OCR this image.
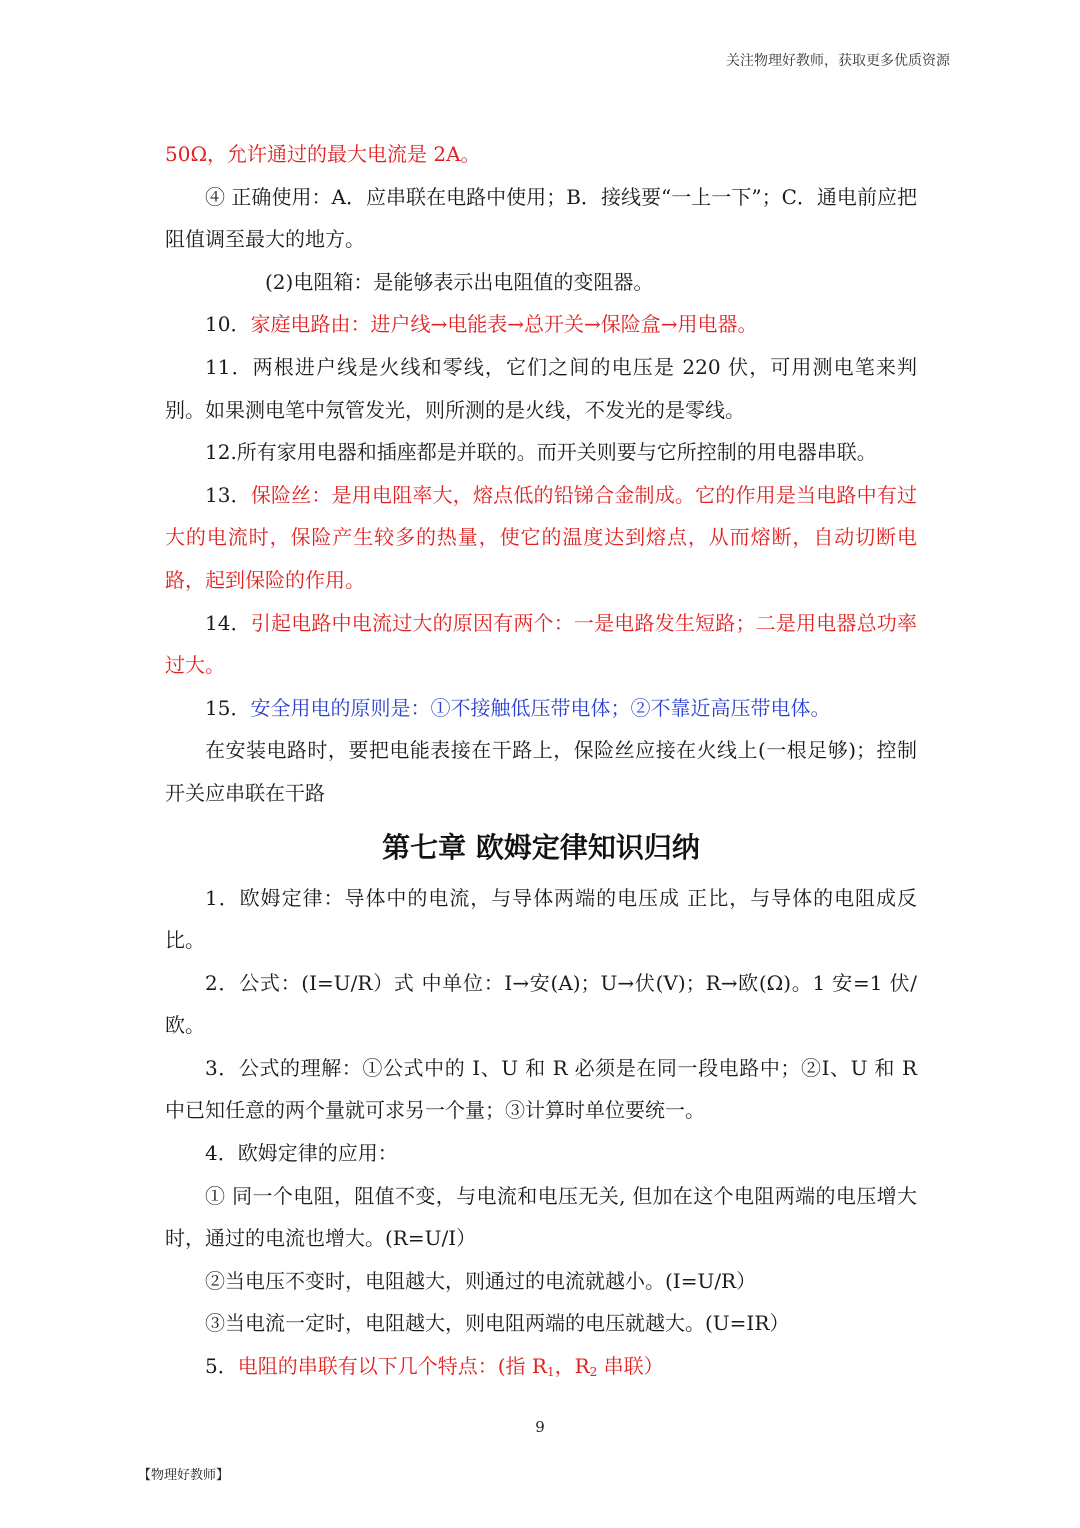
关注物理好教师，获取更多优质资源

50Ω，允许通过的最大电流是 2A。

④ 正确使用：A．应串联在电路中使用；B．接线要“一上一下”；C．通电前应把阻值调至最大的地方。

(2)电阻箱：是能够表示出电阻值的变阻器。

10．家庭电路由：进户线→电能表→总开关→保险盒→用电器。

11．两根进户线是火线和零线，它们之间的电压是 220 伏，可用测电笔来判别。如果测电笔中氖管发光，则所测的是火线，不发光的是零线。

12.所有家用电器和插座都是并联的。而开关则要与它所控制的用电器串联。

13．保险丝：是用电阻率大，熔点低的铅锑合金制成。它的作用是当电路中有过大的电流时，保险产生较多的热量，使它的温度达到熔点，从而熔断，自动切断电路，起到保险的作用。

14．引起电路中电流过大的原因有两个：一是电路发生短路；二是用电器总功率过大。

15．安全用电的原则是：①不接触低压带电体；②不靠近高压带电体。

在安装电路时，要把电能表接在干路上，保险丝应接在火线上(一根足够)；控制开关应串联在干路

第七章 欧姆定律知识归纳

1．欧姆定律：导体中的电流，与导体两端的电压成 正比，与导体的电阻成反比。

2．公式：(I=U/R）式 中单位：I→安(A)；U→伏(V)；R→欧(Ω)。1 安=1 伏/欧。

3．公式的理解：①公式中的 I、U 和 R 必须是在同一段电路中；②I、U 和 R 中已知任意的两个量就可求另一个量；③计算时单位要统一。

4．欧姆定律的应用：

① 同一个电阻，阻值不变，与电流和电压无关, 但加在这个电阻两端的电压增大时，通过的电流也增大。(R=U/I）

②当电压不变时，电阻越大，则通过的电流就越小。(I=U/R）

③当电流一定时，电阻越大，则电阻两端的电压就越大。(U=IR）

5．电阻的串联有以下几个特点：(指 $R_1$，$R_2$ 串联）

9
【物理好教师】
